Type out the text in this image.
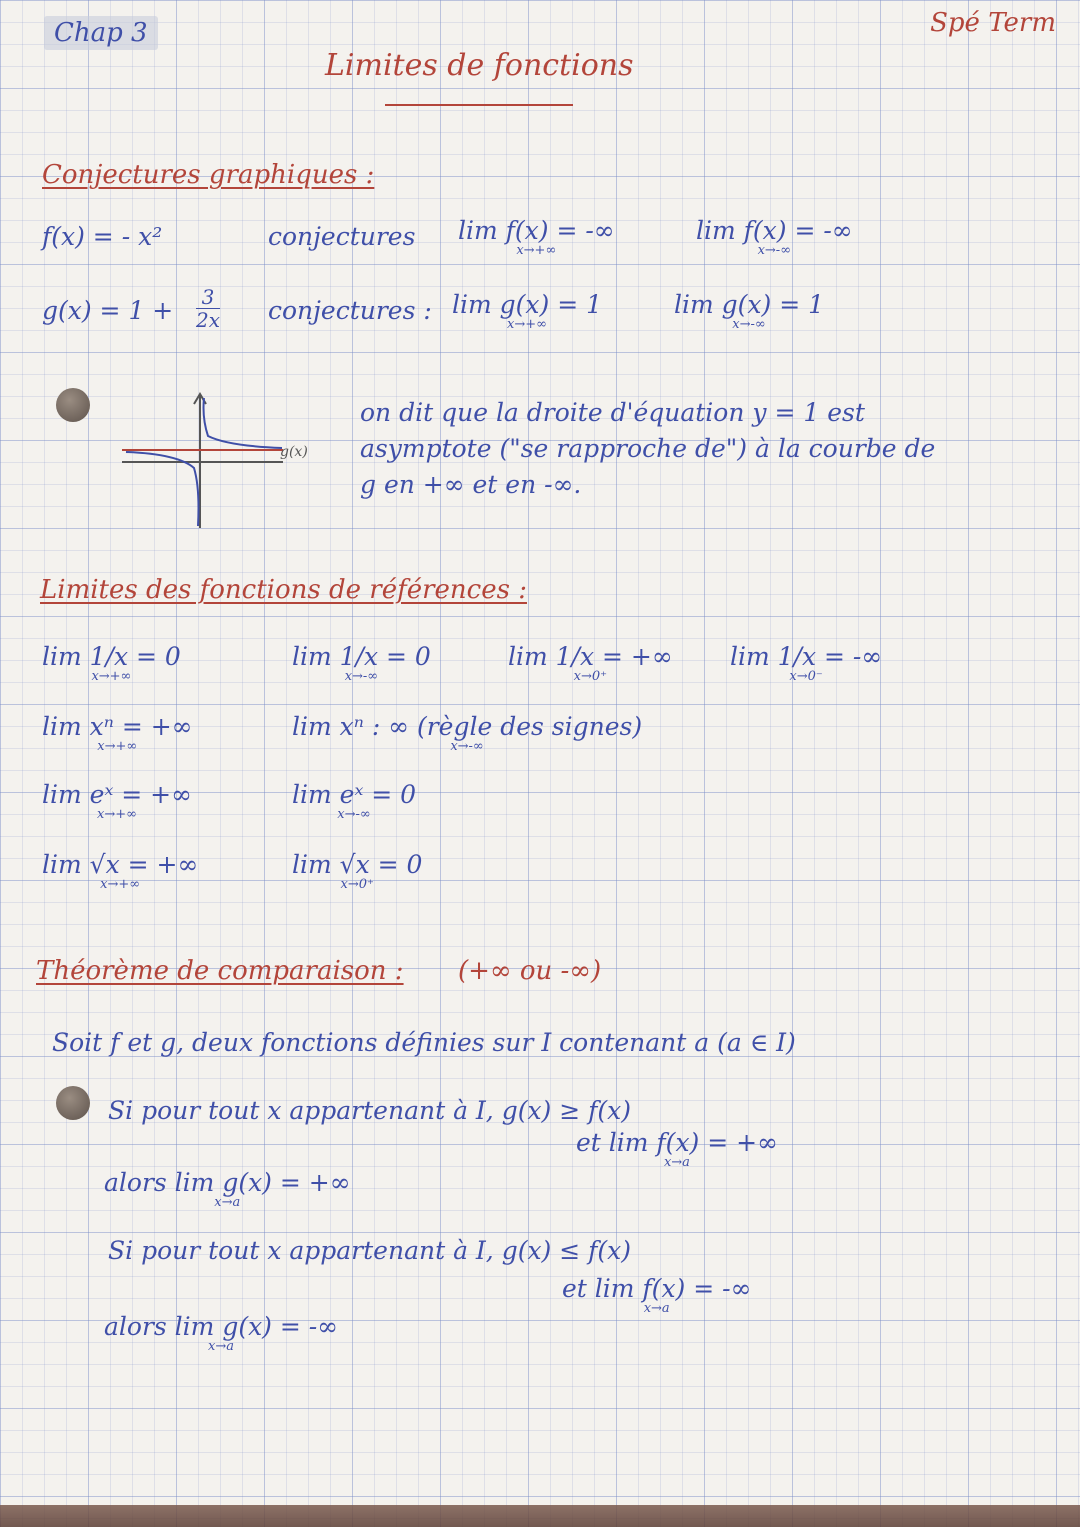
Chap 3	Spé Term
Limites de fonctions
Conjectures graphiques :
f(x) = - x²	conjectures lim f(x) = -∞
x→+∞
lim f(x) = -∞
x→-∞
$g(x) = 1 + \frac{3}{2x}$ conjectures : lim g(x) = 1
x→+∞
lim g(x) = 1
x→-∞
g(x)
on dit que la droite d'équation y = 1 est
asymptote ("se rapproche de") à la courbe de
g en +∞ et en -∞.
Limites des fonctions de références :
lim 1/x = 0
x→+∞
lim 1/x = 0
x→-∞
lim 1/x = +∞
x→0⁺
lim 1/x = -∞
x→0⁻
lim xⁿ = +∞
x→+∞
lim xⁿ : ∞ (règle des signes)
x→-∞
lim eˣ = +∞
x→+∞
lim eˣ = 0
x→-∞
lim √x = +∞
x→+∞
lim √x = 0
x→0⁺
Théorème de comparaison : (+∞ ou -∞)
Soit f et g, deux fonctions définies sur I contenant a (a ∈ I)
Si pour tout x appartenant à I, g(x) ≥ f(x)
et lim f(x) = +∞
x→a
alors lim g(x) = +∞
x→a
Si pour tout x appartenant à I, g(x) ≤ f(x)
et lim f(x) = -∞
x→a
alors lim g(x) = -∞
x→a
